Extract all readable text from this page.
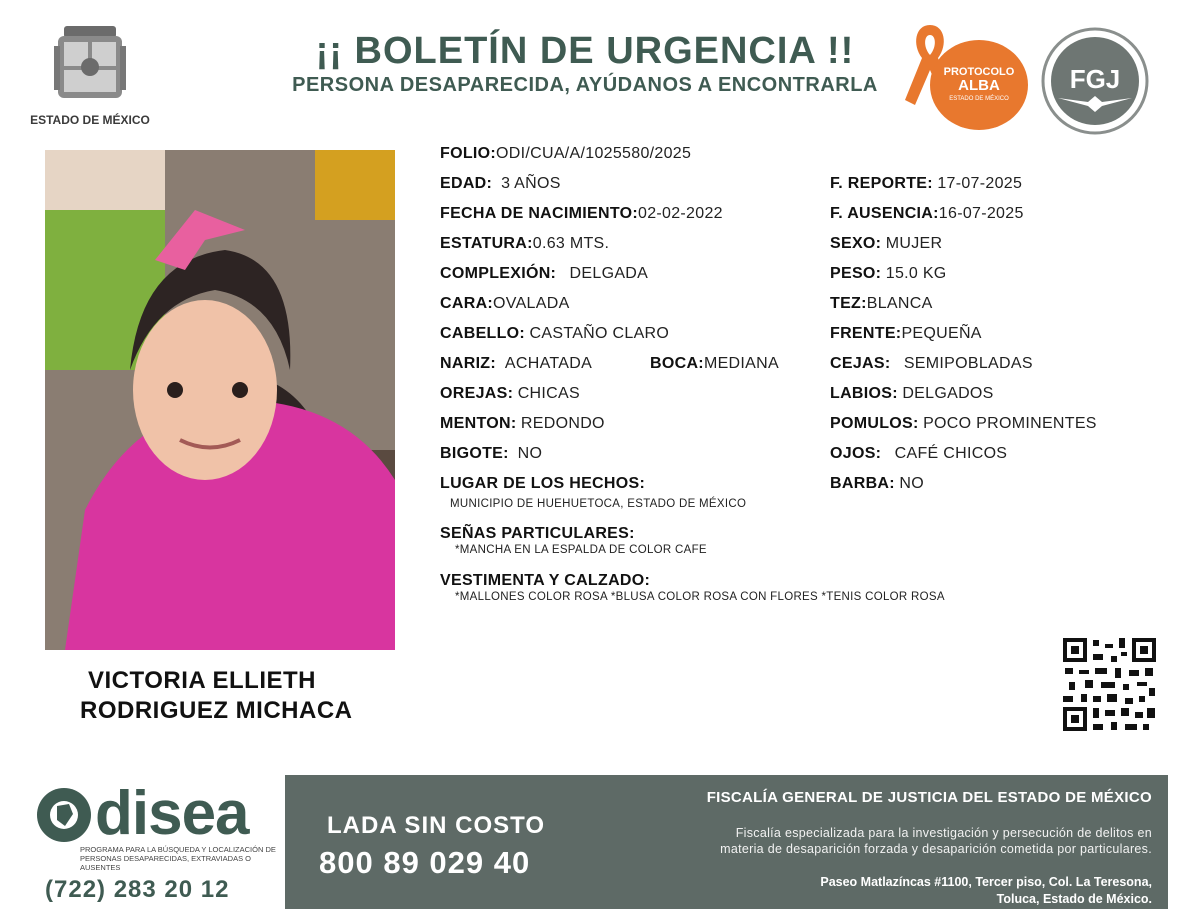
ESTADO DE MÉXICO
¡¡ BOLETÍN DE URGENCIA !!
PERSONA DESAPARECIDA, AYÚDANOS A ENCONTRARLA
PROTOCOLO
ALBA
ESTADO DE MÉXICO
FGJ
VICTORIA ELLIETH
RODRIGUEZ MICHACA
FOLIO:ODI/CUA/A/1025580/2025
EDAD: 3 AÑOS
FECHA DE NACIMIENTO:02-02-2022
ESTATURA:0.63 MTS.
COMPLEXIÓN: DELGADA
CARA:OVALADA
CABELLO: CASTAÑO CLARO
NARIZ: ACHATADA	BOCA:MEDIANA
OREJAS: CHICAS
MENTON: REDONDO
BIGOTE: NO
LUGAR DE LOS HECHOS:
MUNICIPIO DE HUEHUETOCA, ESTADO DE MÉXICO
SEÑAS PARTICULARES:
*MANCHA EN LA ESPALDA DE COLOR CAFE
VESTIMENTA Y CALZADO:
*MALLONES COLOR ROSA *BLUSA COLOR ROSA CON FLORES *TENIS COLOR ROSA
F. REPORTE: 17-07-2025
F. AUSENCIA:16-07-2025
SEXO: MUJER
PESO: 15.0 KG
TEZ:BLANCA
FRENTE:PEQUEÑA
CEJAS: SEMIPOBLADAS
LABIOS: DELGADOS
POMULOS: POCO PROMINENTES
OJOS: CAFÉ CHICOS
BARBA: NO
disea
PROGRAMA PARA LA BÚSQUEDA Y LOCALIZACIÓN DE PERSONAS DESAPARECIDAS, EXTRAVIADAS O AUSENTES
(722) 283 20 12
LADA SIN COSTO
800 89 029 40
FISCALÍA GENERAL DE JUSTICIA DEL ESTADO DE MÉXICO
Fiscalía especializada para la investigación y persecución de delitos en
materia de desaparición forzada y desaparición cometida por particulares.
Paseo Matlazíncas #1100, Tercer piso, Col. La Teresona,
Toluca, Estado de México.
